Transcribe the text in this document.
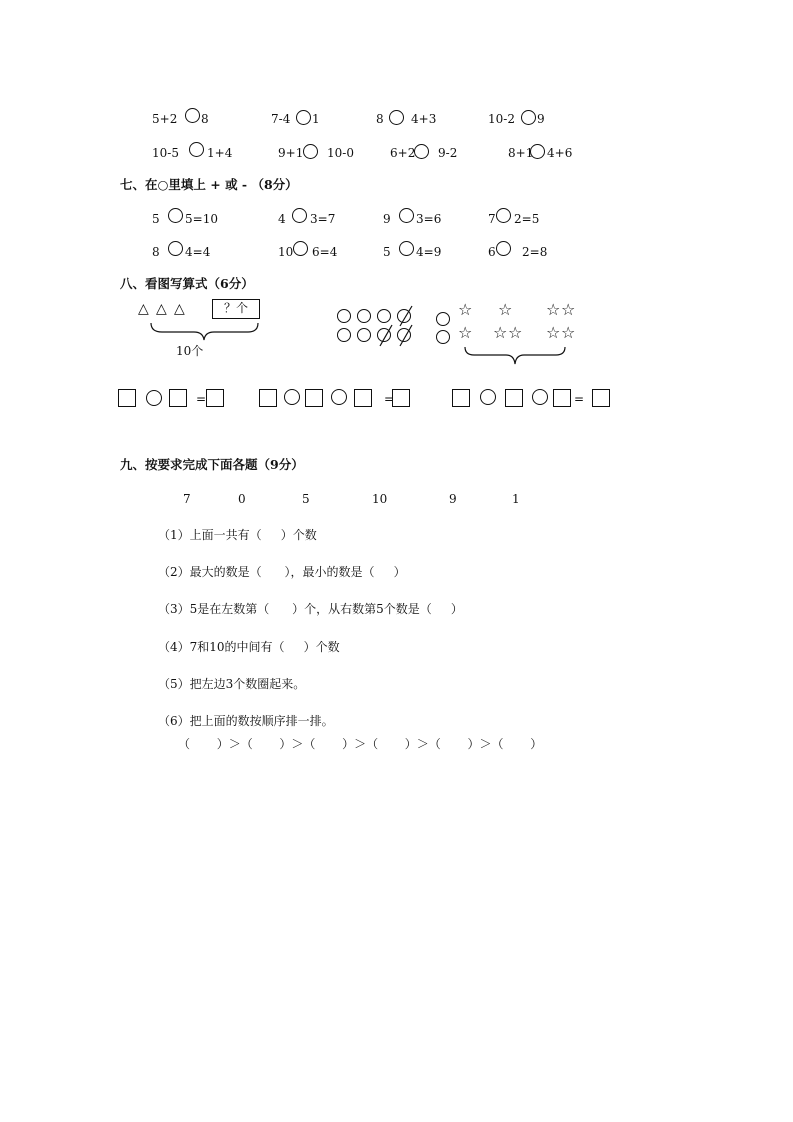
5+2 8	7-4 1	8 4+3	10-2 9
10-5 1+4	9+1 10-0	6+2 9-2	8+1 4+6
七、在○里填上 + 或 - （8分）
5 5=10	4 3=7	9 3=6	7 2=5
8 4=4	10 6=4	5 4=9	6 2=8
八、看图写算式（6分）
△ △ △	？个
10个
☆ ☆ ☆ ☆
☆ ☆ ☆ ☆ ☆
=	=	=
九、按要求完成下面各题（9分）
7	0	5	10	9	1
（1）上面一共有（     ）个数
（2）最大的数是（      ），最小的数是（     ）
（3）5是在左数第（      ）个，从右数第5个数是（     ）
（4）7和10的中间有（     ）个数
（5）把左边3个数圈起来。
（6）把上面的数按顺序排一排。
（       ）＞（       ）＞（       ）＞（       ）＞（       ）＞（       ）
